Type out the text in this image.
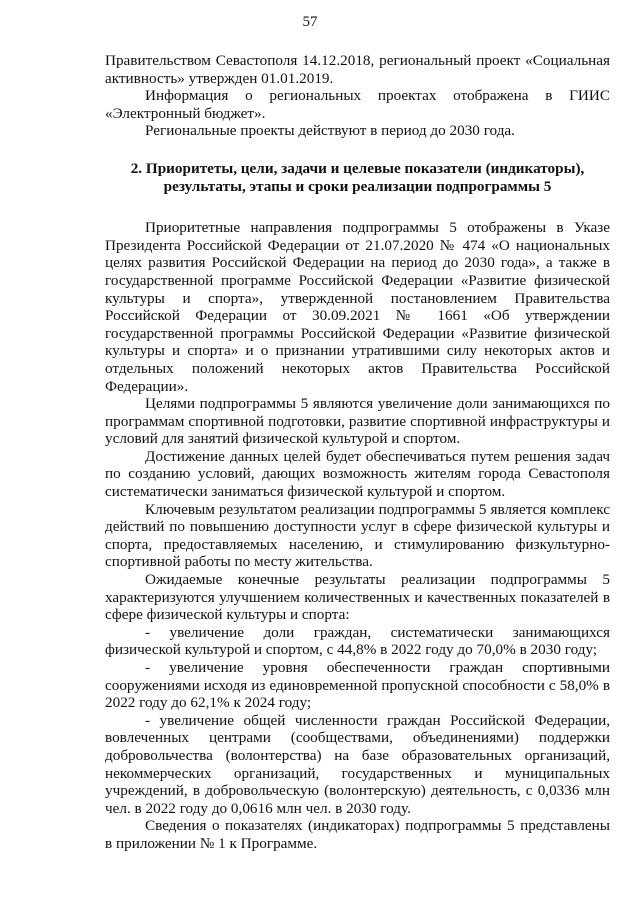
57

Правительством Севастополя 14.12.2018, региональный проект «Социальная активность» утвержден 01.01.2019.

Информация о региональных проектах отображена в ГИИС «Электронный бюджет».

Региональные проекты действуют в период до 2030 года.

2. Приоритеты, цели, задачи и целевые показатели (индикаторы),
результаты, этапы и сроки реализации подпрограммы 5

Приоритетные направления подпрограммы 5 отображены в Указе Президента Российской Федерации от 21.07.2020 № 474 «О национальных целях развития Российской Федерации на период до 2030 года», а также в государственной программе Российской Федерации «Развитие физической культуры и спорта», утвержденной постановлением Правительства Российской Федерации от 30.09.2021 № 1661 «Об утверждении государственной программы Российской Федерации «Развитие физической культуры и спорта» и о признании утратившими силу некоторых актов и отдельных положений некоторых актов Правительства Российской Федерации».

Целями подпрограммы 5 являются увеличение доли занимающихся по программам спортивной подготовки, развитие спортивной инфраструктуры и условий для занятий физической культурой и спортом.

Достижение данных целей будет обеспечиваться путем решения задач по созданию условий, дающих возможность жителям города Севастополя систематически заниматься физической культурой и спортом.

Ключевым результатом реализации подпрограммы 5 является комплекс действий по повышению доступности услуг в сфере физической культуры и спорта, предоставляемых населению, и стимулированию физкультурно-спортивной работы по месту жительства.

Ожидаемые конечные результаты реализации подпрограммы 5 характеризуются улучшением количественных и качественных показателей в сфере физической культуры и спорта:

- увеличение доли граждан, систематически занимающихся физической культурой и спортом, с 44,8% в 2022 году до 70,0% в 2030 году;

- увеличение уровня обеспеченности граждан спортивными сооружениями исходя из единовременной пропускной способности с 58,0% в 2022 году до 62,1% к 2024 году;

- увеличение общей численности граждан Российской Федерации, вовлеченных центрами (сообществами, объединениями) поддержки добровольчества (волонтерства) на базе образовательных организаций, некоммерческих организаций, государственных и муниципальных учреждений, в добровольческую (волонтерскую) деятельность, с 0,0336 млн чел. в 2022 году до 0,0616 млн чел. в 2030 году.

Сведения о показателях (индикаторах) подпрограммы 5 представлены в приложении № 1 к Программе.
